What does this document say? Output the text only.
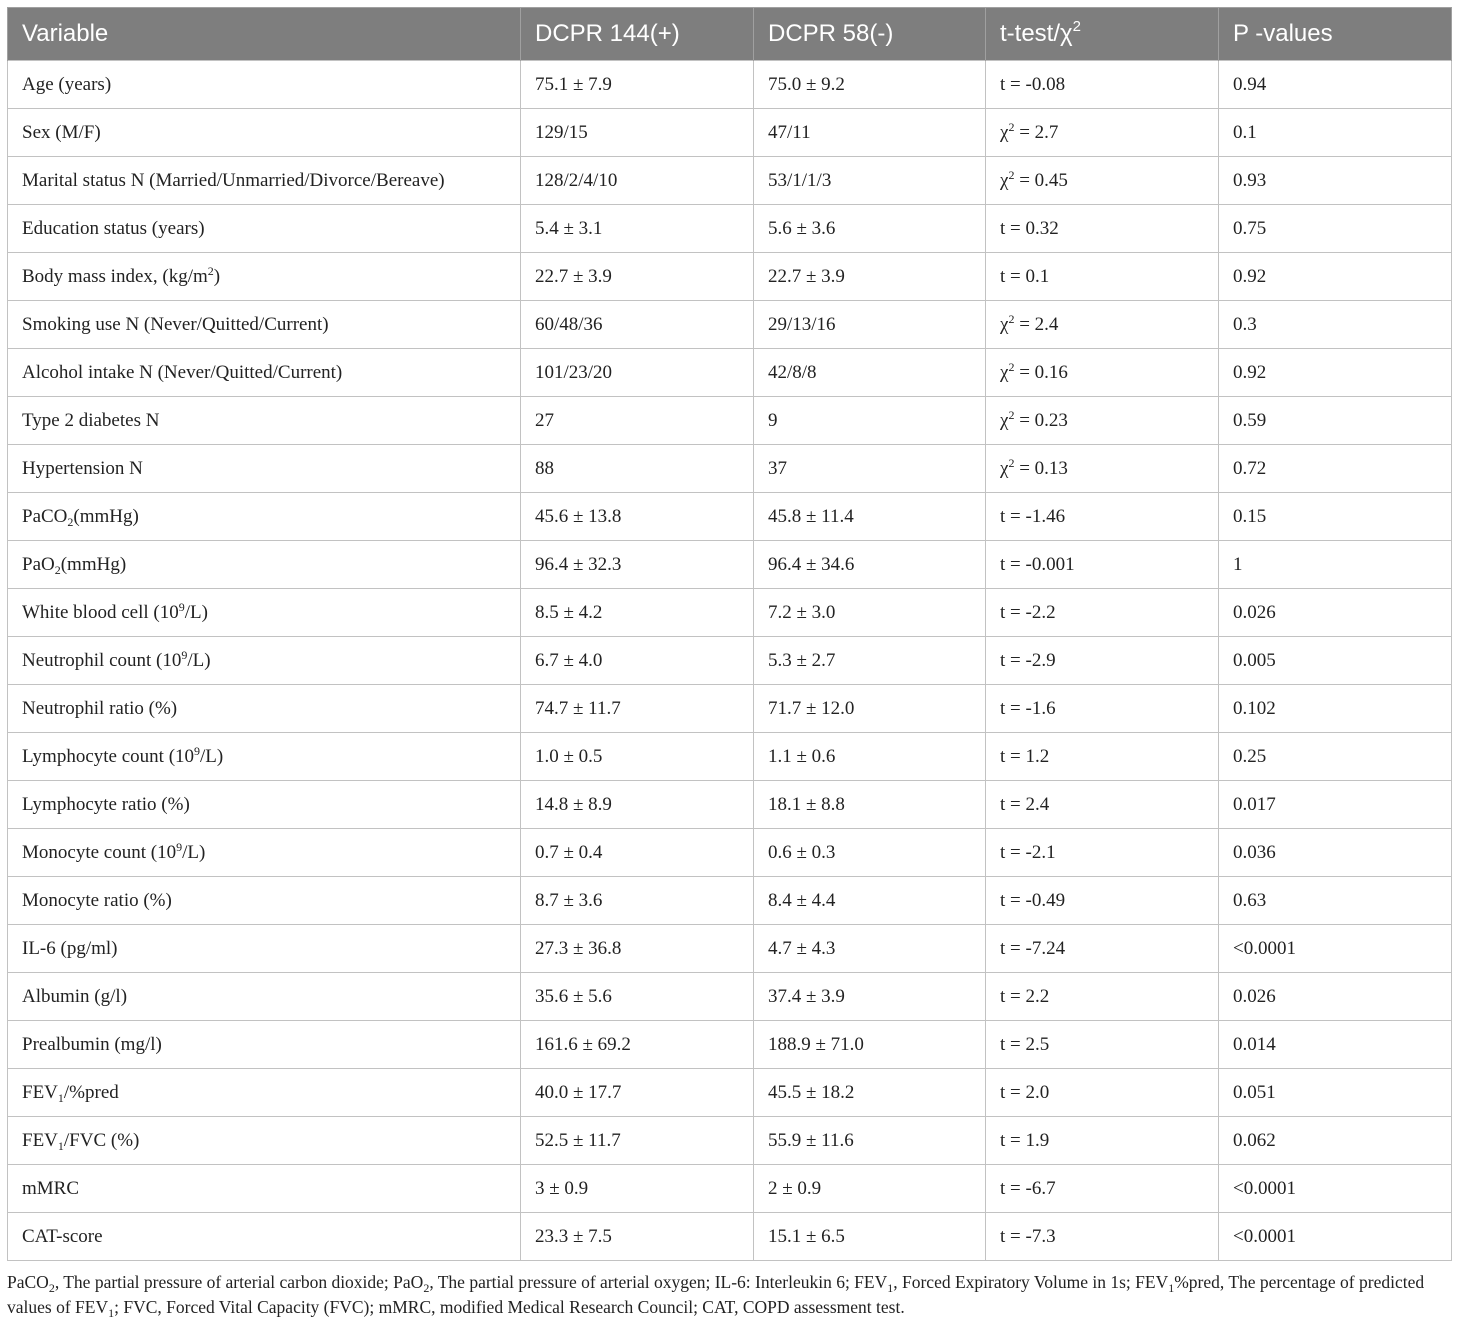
Variable	DCPR 144(+)	DCPR 58(-)	$t-test/\chi^2$	P -values
Age (years)	75.1 ± 7.9	75.0 ± 9.2	t = -0.08	0.94
Sex (M/F)	129/15	47/11	$\chi^2 = 2.7$	0.1
Marital status N (Married/Unmarried/Divorce/Bereave)	128/2/4/10	53/1/1/3	$\chi^2 = 0.45$	0.93
Education status (years)	5.4 ± 3.1	5.6 ± 3.6	t = 0.32	0.75
Body mass index, $(kg/m^2)$	22.7 ± 3.9	22.7 ± 3.9	t = 0.1	0.92
Smoking use N (Never/Quitted/Current)	60/48/36	29/13/16	$\chi^2 = 2.4$	0.3
Alcohol intake N (Never/Quitted/Current)	101/23/20	42/8/8	$\chi^2 = 0.16$	0.92
Type 2 diabetes N	27	9	$\chi^2 = 0.23$	0.59
Hypertension N	88	37	$\chi^2 = 0.13$	0.72
PaCO$_2$(mmHg)	45.6 ± 13.8	45.8 ± 11.4	t = -1.46	0.15
PaO$_2$(mmHg)	96.4 ± 32.3	96.4 ± 34.6	t = -0.001	1
White blood cell $(10^9/L)$	8.5 ± 4.2	7.2 ± 3.0	t = -2.2	0.026
Neutrophil count $(10^9/L)$	6.7 ± 4.0	5.3 ± 2.7	t = -2.9	0.005
Neutrophil ratio (%)	74.7 ± 11.7	71.7 ± 12.0	t = -1.6	0.102
Lymphocyte count $(10^9/L)$	1.0 ± 0.5	1.1 ± 0.6	t = 1.2	0.25
Lymphocyte ratio (%)	14.8 ± 8.9	18.1 ± 8.8	t = 2.4	0.017
Monocyte count $(10^9/L)$	0.7 ± 0.4	0.6 ± 0.3	t = -2.1	0.036
Monocyte ratio (%)	8.7 ± 3.6	8.4 ± 4.4	t = -0.49	0.63
IL-6 (pg/ml)	27.3 ± 36.8	4.7 ± 4.3	t = -7.24	<0.0001
Albumin (g/l)	35.6 ± 5.6	37.4 ± 3.9	t = 2.2	0.026
Prealbumin (mg/l)	161.6 ± 69.2	188.9 ± 71.0	t = 2.5	0.014
$FEV_1/\%pred$	40.0 ± 17.7	45.5 ± 18.2	t = 2.0	0.051
$FEV_1$/FVC (%)	52.5 ± 11.7	55.9 ± 11.6	t = 1.9	0.062
mMRC	3 ± 0.9	2 ± 0.9	t = -6.7	<0.0001
CAT-score	23.3 ± 7.5	15.1 ± 6.5	t = -7.3	<0.0001
PaCO$_2$, The partial pressure of arterial carbon dioxide; PaO$_2$, The partial pressure of arterial oxygen; IL-6: Interleukin 6; $FEV_1$, Forced Expiratory Volume in 1s; $FEV_1\%pred$, The percentage of predicted values of $FEV_1$; FVC, Forced Vital Capacity (FVC); mMRC, modified Medical Research Council; CAT, COPD assessment test.
